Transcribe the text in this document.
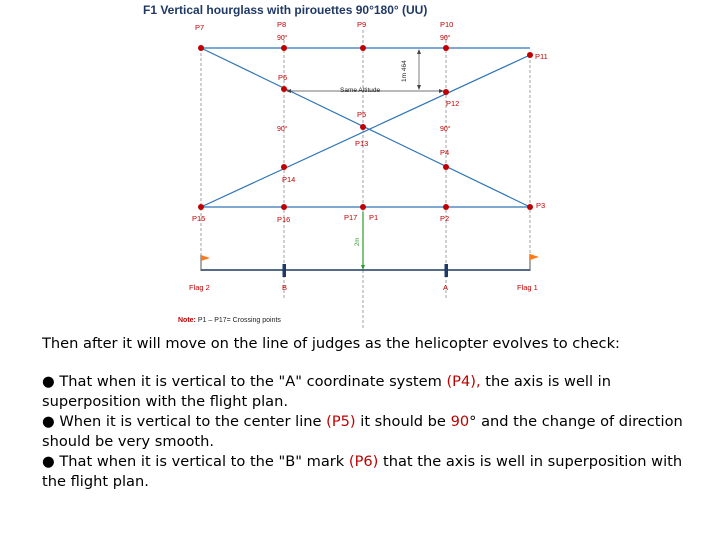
F1 Vertical hourglass with pirouettes 90°180° (UU)
Same Altitude
1m 464
2m
P7	P8
90°
P9	P10
90°
P11
P6
P12
P5
90°	90°
P13
P4
P14
P3
P15	P16	P17 P1	P2
Flag 2	B	A	Flag 1
Note: P1 – P17= Crossing points

Then after it will move on the line of judges as the helicopter evolves to check:

● That when it is vertical to the "A" coordinate system (P4), the axis is well in superposition with the flight plan.

● When it is vertical to the center line (P5) it should be 90° and the change of direction should be very smooth.

● That when it is vertical to the "B" mark (P6) that the axis is well in superposition with the flight plan.
